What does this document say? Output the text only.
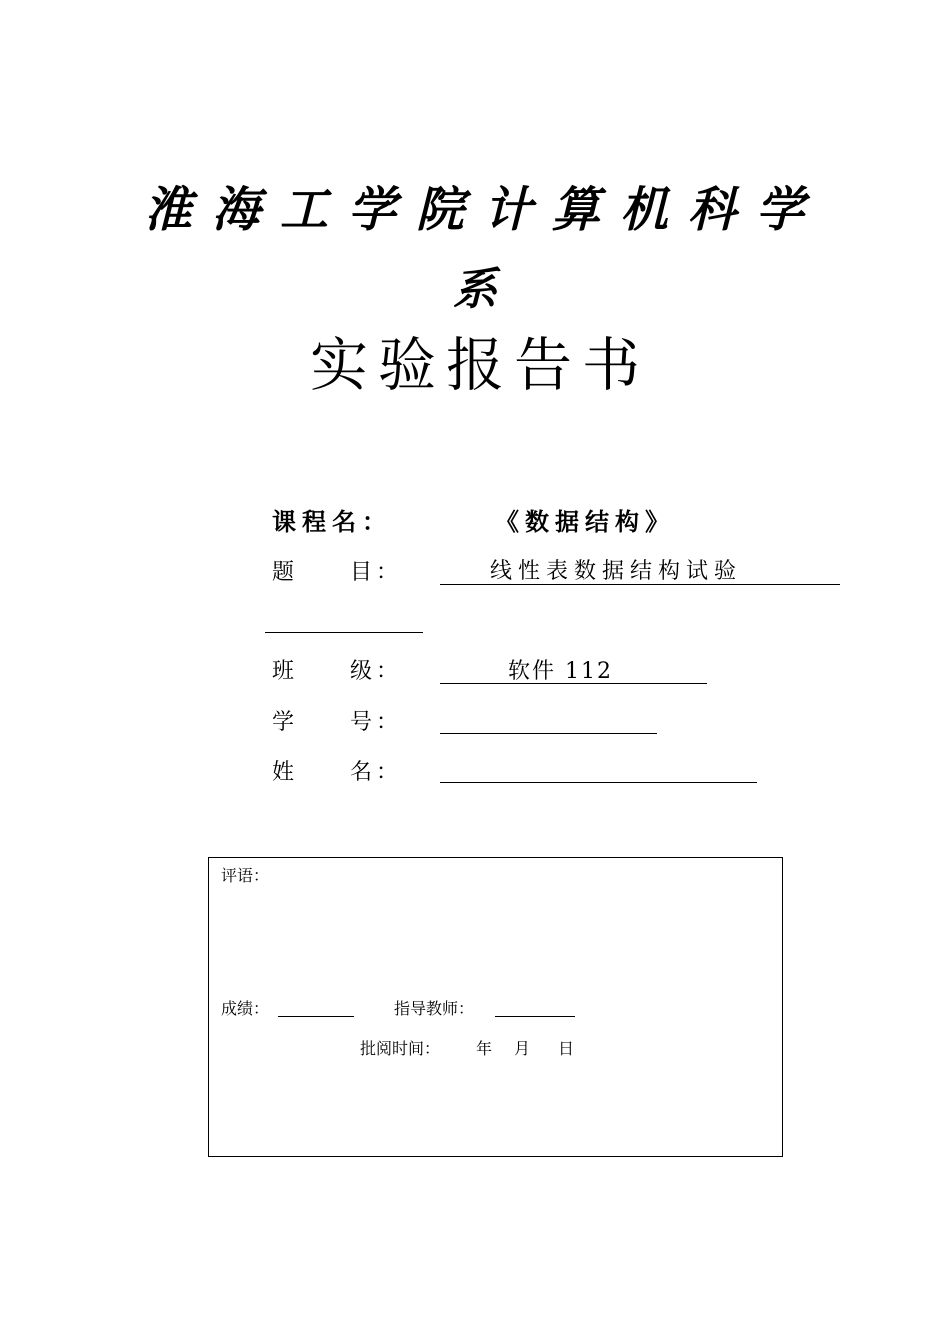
淮海工学院计算机科学
系
实验报告书
课程名：	《数据结构》
题　　目：	线性表数据结构试验
班　　级：	软件 112
学　　号：
姓　　名：
评语：
成绩：	指导教师：
批阅时间： 年 月 日
